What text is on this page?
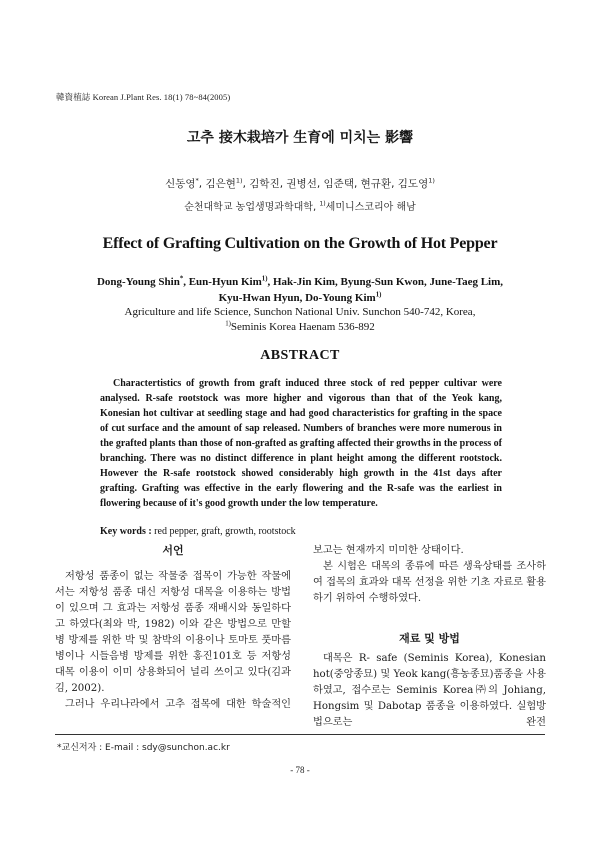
韓資植誌 Korean J.Plant Res. 18(1) 78~84(2005)
고추 接木栽培가 生育에 미치는 影響
신동영*, 김은현$^{1)}$, 김학진, 권병선, 임준택, 현규환, 김도영$^{1)}$
순천대학교 농업생명과학대학, $^{1)}$세미니스코리아 해남
Effect of Grafting Cultivation on the Growth of Hot Pepper
Dong-Young Shin*, Eun-Hyun Kim$^{1)}$, Hak-Jin Kim, Byung-Sun Kwon, June-Taeg Lim,
Kyu-Hwan Hyun, Do-Young Kim$^{1)}$
Agriculture and life Science, Sunchon National Univ. Sunchon 540-742, Korea,
$^{1)}$Seminis Korea Haenam 536-892
ABSTRACT

Charactertistics of growth from graft induced three stock of red pepper cultivar were analysed. R-safe rootstock was more higher and vigorous than that of the Yeok kang, Konesian hot cultivar at seedling stage and had good characteristics for grafting in the space of cut surface and the amount of sap released. Numbers of branches were more numerous in the grafted plants than those of non-grafted as grafting affected their growths in the process of branching. There was no distinct difference in plant height among the different rootstock. However the R-safe rootstock showed considerably high growth in the 41st days after grafting. Grafting was effective in the early flowering and the R-safe was the earliest in flowering because of it's good growth under the low temperature.

Key words : red pepper, graft, growth, rootstock
서언

저항성 품종이 없는 작물중 접목이 가능한 작물에서는 저항성 품종 대신 저항성 대목을 이용하는 방법이 있으며 그 효과는 저항성 품종 재배시와 동일하다고 하였다(최와 박, 1982) 이와 같은 방법으로 만할병 방제를 위한 박 및 참박의 이용이나 토마토 풋마름병이나 시들음병 방제를 위한 홍진101호 등 저항성 대목 이용이 이미 상용화되어 널리 쓰이고 있다(김과 김, 2002).

그러나 우리나라에서 고추 접목에 대한 학술적인

보고는 현재까지 미미한 상태이다.

본 시험은 대목의 종류에 따른 생육상태를 조사하여 접목의 효과와 대목 선정을 위한 기초 자료로 활용하기 위하여 수행하였다.

재료 및 방법

대목은 R- safe (Seminis Korea), Konesian hot(중앙종묘) 및 Yeok kang(흥농종묘)품종을 사용하였고, 접수로는 Seminis Korea㈜의 Johiang, Hongsim 및 Dabotap 품종을 이용하였다. 실험방법으로는 완전

*교신저자 : E-mail : sdy@sunchon.ac.kr
- 78 -
